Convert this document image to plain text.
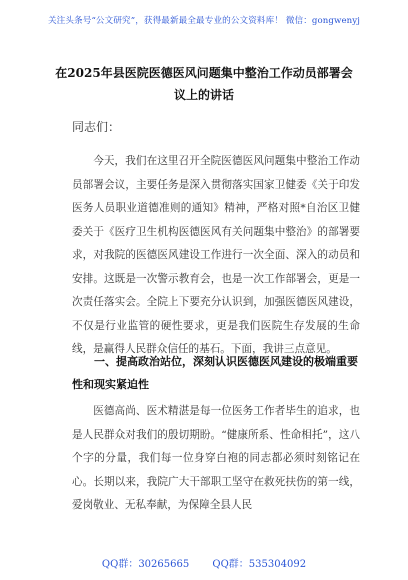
关注头条号“公文研究”，获得最新最全最专业的公文资料库！ 微信：gongwenyj
在2025年县医院医德医风问题集中整治工作动员部署会议上的讲话
同志们：
今天，我们在这里召开全院医德医风问题集中整治工作动员部署会议，主要任务是深入贯彻落实国家卫健委《关于印发医务人员职业道德准则的通知》精神，严格对照*自治区卫健委关于《医疗卫生机构医德医风有关问题集中整治》的部署要求，对我院的医德医风建设工作进行一次全面、深入的动员和安排。这既是一次警示教育会，也是一次工作部署会，更是一次责任落实会。全院上下要充分认识到，加强医德医风建设，不仅是行业监管的硬性要求，更是我们医院生存发展的生命线，是赢得人民群众信任的基石。下面，我讲三点意见。
一、提高政治站位，深刻认识医德医风建设的极端重要性和现实紧迫性
医德高尚、医术精湛是每一位医务工作者毕生的追求，也是人民群众对我们的殷切期盼。“健康所系、性命相托”，这八个字的分量，我们每一位身穿白袍的同志都必须时刻铭记在心。长期以来，我院广大干部职工坚守在救死扶伤的第一线，爱岗敬业、无私奉献，为保障全县人民
QQ群：30265665 QQ群：535304092
